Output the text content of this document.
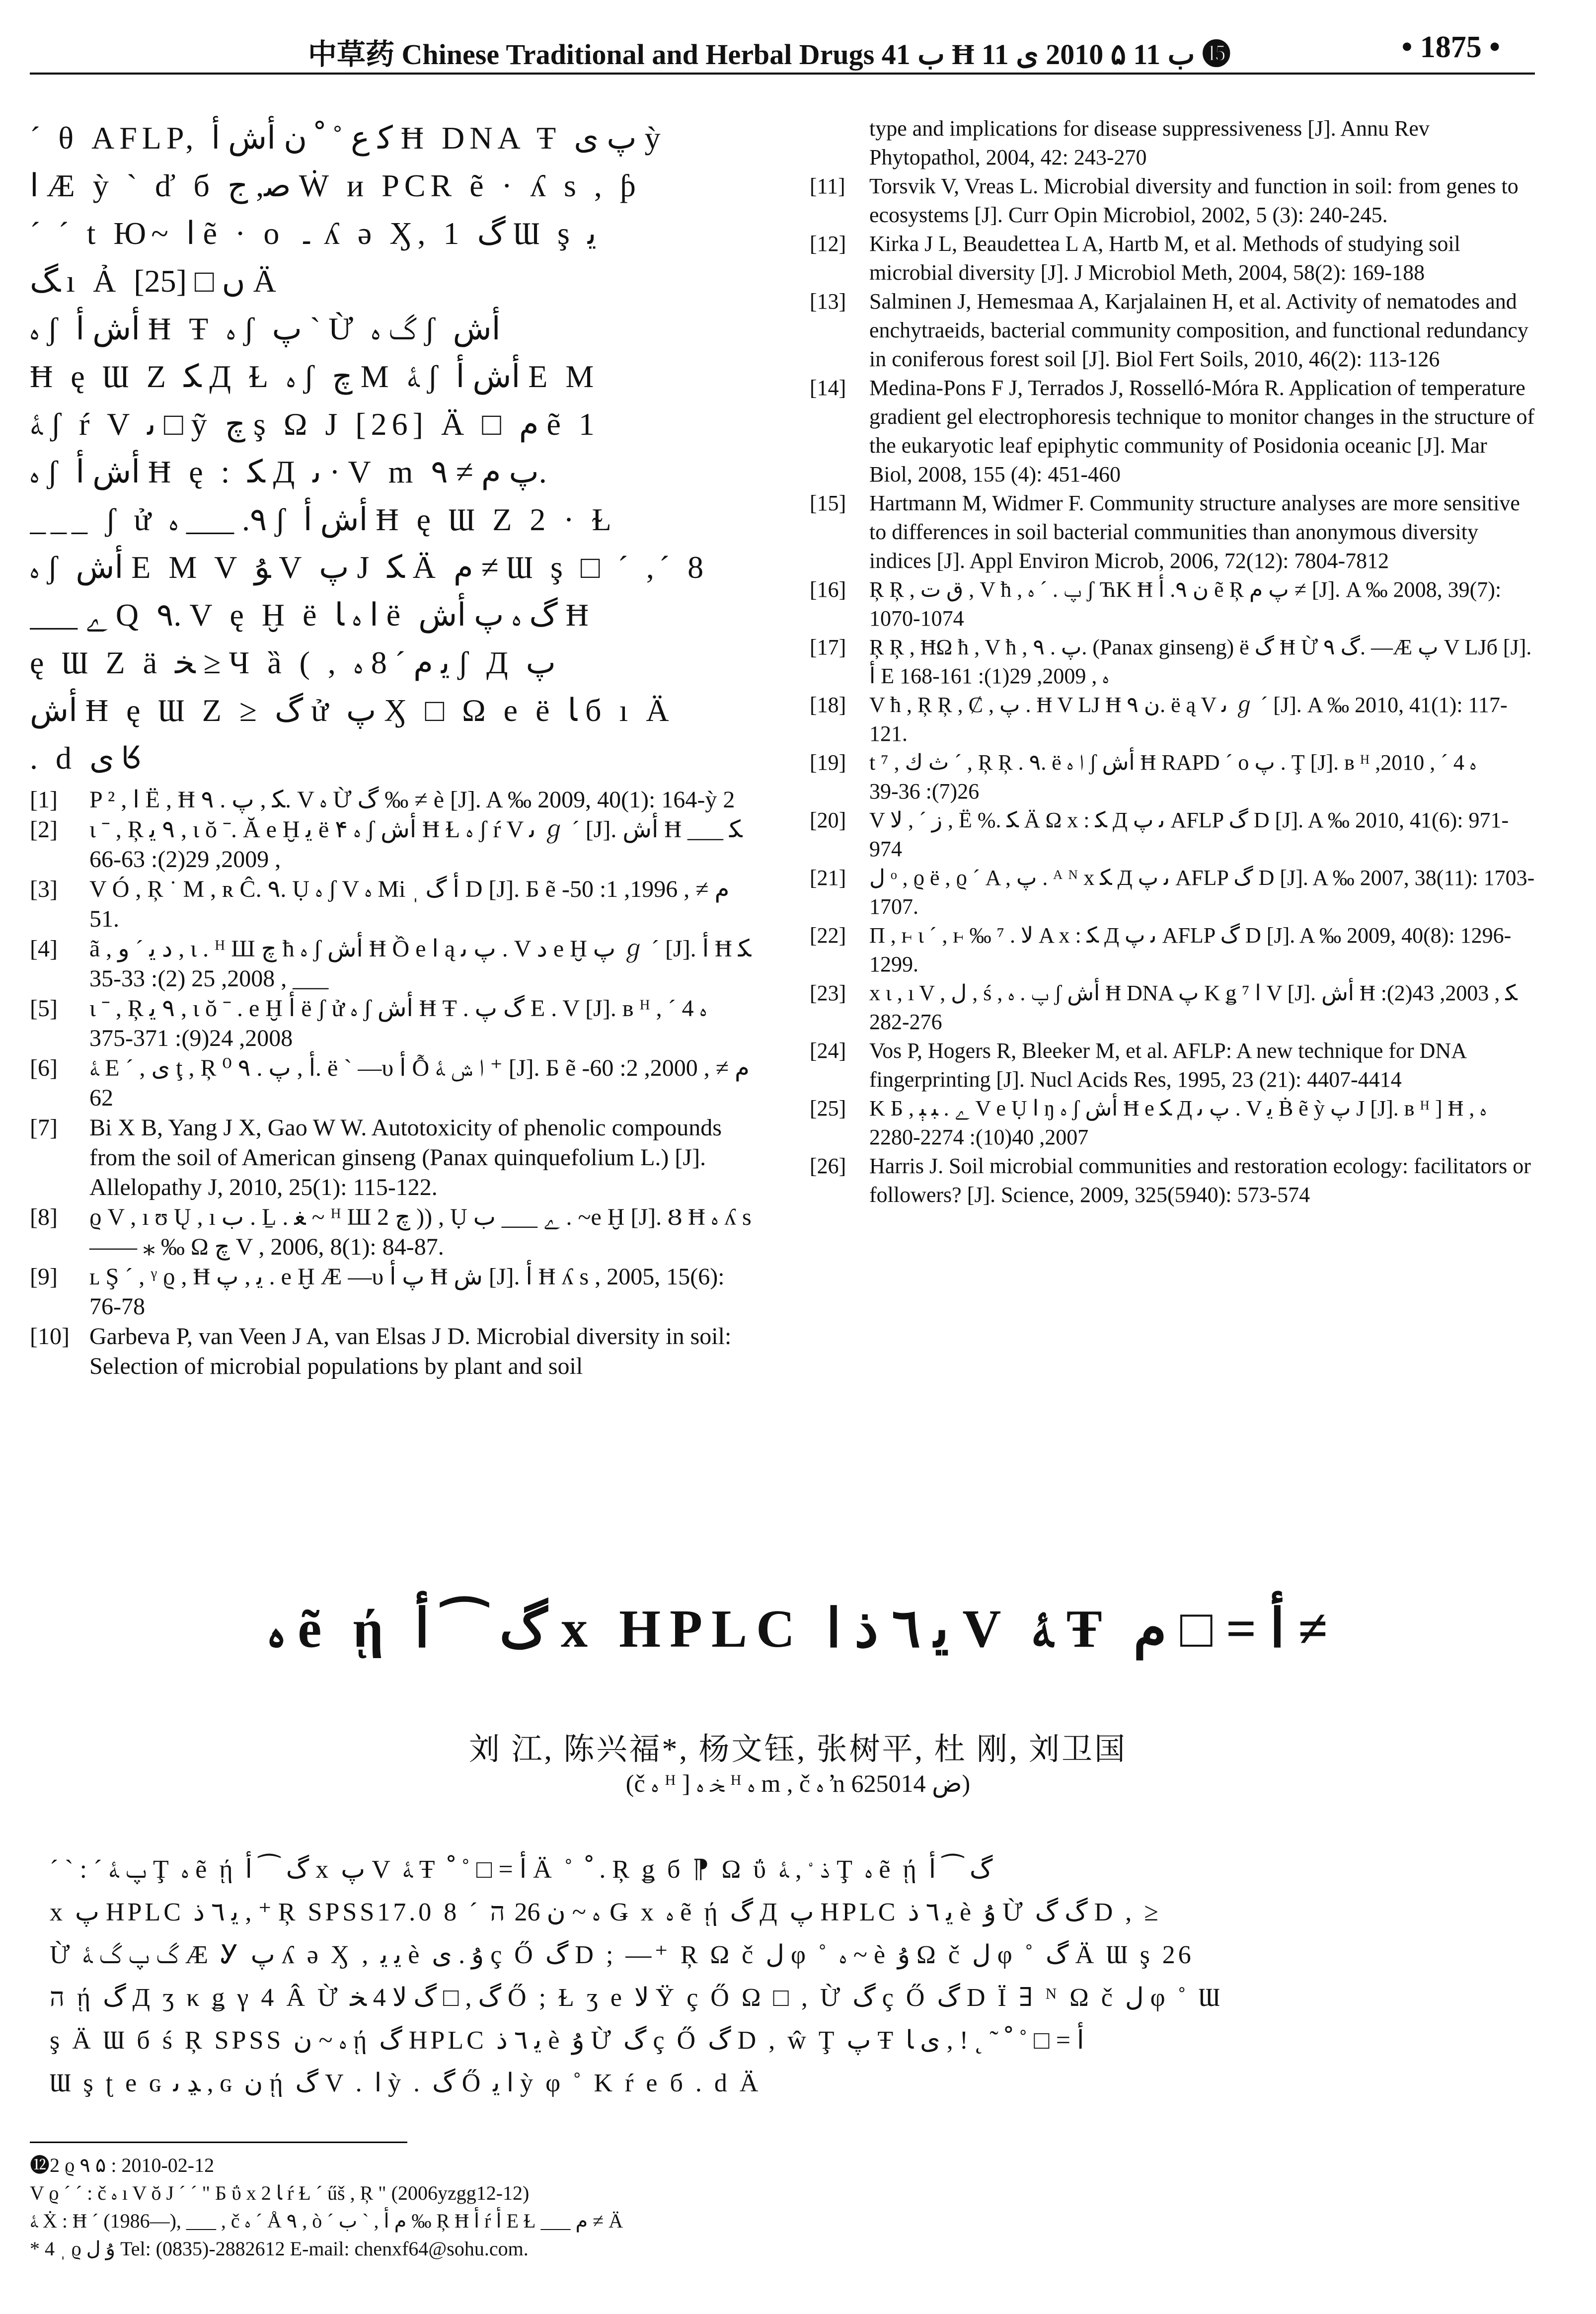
中草药 Chinese Traditional and Herbal Drugs ﺏ 41 Ħ ﺏ 11 ۵ 2010 ﯼ 11 ⓯	• 1875 •

ˊ θ AFLP, ﮐ ﻉ ˚ ﹾ ﻥ ﺃﺵ ﺃ Ħ DNA Ŧ ﭖ ﯼ ỳ

ﺍ Æ ỳ ˋ ď б ﺻ, ﺝ Ẇ и PCR ẽ · ʎ s , ƥ

ˊ ˊ t Ю~ ﺍ ẽ · o ۔ ʎ ə Ӽ, 1 ﮒ Ɯ ş ﯾ

ﮓ ı Ả ﮞ □ [25] Ä

ﮦ ʃ ﺃﺵ ﺃ Ħ Ŧ ﮦ ʃ ﭖ ˋ Ừ ﮒ ﮦ ʃ ﺃﺵ

Ħ ę Ɯ Z ﮑ Д Ɫ ﮦ ʃ ﭺ M ﮥ ʃ ﺃﺵ ﺃ E M

ﮥ ʃ ŕ V ﯨ □ ỹ ﭺ ş Ω J [26] Ä □ ﻡ ẽ 1

ﮦ ʃ ﺃﺵ ﺃ Ħ ę : ﮑ Д ﯨ · V m ﭖ ﻡ ≠ ٩.

___ ʃ ử ٩. ___ ﮦ ʃ ﺃﺵ ﺃ Ħ ę Ɯ Z 2 · Ɫ

ﮦ ʃ ﺃﺵ E M V ﯘ V ﭖ J ﮑ Ä ﻡ ≠ Ɯ ş □ ˊ ,ˊ 8

___ ﮮ Q ٩. V ę Ḫ ë ﺍ ﮦ ﺎ ë ﮒ ﮦ ﭖ ﺃﺵ Ħ

ę Ɯ Z ä ﺨ ≥ Ч ȁ ( , ﯾ ﻡ ˊ 8 ﮦ ʃ Д ﭖ

ﺃﺵ Ħ ę Ɯ Z ≥ ﮒ ử ﭖ Ӽ □ Ω e ë ﺎ б ı Ä

. d ﯼ ᖉ

[1]	P ﺍ , ² Ë , Ħ ﻜ , ﭖ . ٩. V ﮦ Ừ ﮒ ‰ ≠ è [J]. A ‰ 2009, 40(1): 164-ỳ 2
[2]	ι ˉ , Ŗ ٩ ﯾ , ι ŏ ˉ. Ă e Ḫ ﯾ ë ۴ ﮦ ʃ ﺃﺵ Ħ Ɫ ﮦ ʃ ŕ V ﯨ ℊ ˊ [J]. ﺃﺵ Ħ ﮑ ___ , 2009, 29(2): 63-66
[3]	V Ó , Ŗ ˙ M , ʀ Ĉ. ٩. Ụ ﮦ ʃ V ﮦ Mi ˌ ﺃ ﮒ D [J]. Б ẽ ﻡ ≠ , 1996, 1: 50-51.
[4]	ã , ﺩ ﯾ ˊ ﻭ , ι . ᴴ Ш ﭺ ħ ﮦ ʃ ﺃﺵ Ħ Ồ e ﺍ ą ﭖ ﯨ . V ﺩ e Ḫ ﭖ ℊ ˊ [J]. ﺃ Ħ ﮑ ___ , 2008, 25 (2): 33-35
[5]	ι ˉ , Ŗ ٩ ﯾ , ι ŏ ˉ . e Ḫ ﺃ ë ʃ ử ﮦ ʃ ﺃﺵ Ħ Ŧ . ﮒ ﭖ E . V [J]. ʙ ᴴ ﮦ 4 ˊ , 2008, 24(9): 371-375
[6]	ﮥ E ˊ , ﯼ ţ , Ŗ ⁰ ﺃ , ﭖ . ٩. ë ˋ —υ ﺃ Ỗ ﺍ ﺵ ﮥ ⁺ [J]. Б ẽ ﻡ ≠ , 2000, 2: 60-62
[7]	Bi X B, Yang J X, Gao W W. Autotoxicity of phenolic compounds from the soil of American ginseng (Panax quinquefolium L.) [J]. Allelopathy J, 2010, 25(1): 115-122.
[8]	ϱ V , ı ʊ Ų , ı ﺏ . Ḻ . ﻐ ~ ᴴ Ш ﭺ 2 )) , Ụ ﮮ ___ ﺏ . ~e Ḫ [J]. Ȣ Ħ ﮦ ʎ s —— ⁎ ‰ Ω ﭺ V , 2006, 8(1): 84-87.
[9]	ʟ Ş ˊ , ᵞ ϱ , Ħ ﯾ , ﭖ . e Ḫ Æ —υ ﭖ ﺃ Ħ ﺵ [J]. ﺃ Ħ ʎ s , 2005, 15(6): 76-78
[10] Garbeva P, van Veen J A, van Elsas J D. Microbial diversity in soil: Selection of microbial populations by plant and soil
type and implications for disease suppressiveness [J]. Annu Rev Phytopathol, 2004, 42: 243-270
[11]	Torsvik V, Vreas L. Microbial diversity and function in soil: from genes to ecosystems [J]. Curr Opin Microbiol, 2002, 5 (3): 240-245.
[12]	Kirka J L, Beaudettea L A, Hartb M, et al. Methods of studying soil microbial diversity [J]. J Microbiol Meth, 2004, 58(2): 169-188
[13]	Salminen J, Hemesmaa A, Karjalainen H, et al. Activity of nematodes and enchytraeids, bacterial community composition, and functional redundancy in coniferous forest soil [J]. Biol Fert Soils, 2010, 46(2): 113-126
[14]	Medina-Pons F J, Terrados J, Rosselló-Móra R. Application of temperature gradient gel electrophoresis technique to monitor changes in the structure of the eukaryotic leaf epiphytic community of Posidonia oceanic [J]. Mar Biol, 2008, 155 (4): 451-460
[15]	Hartmann M, Widmer F. Community structure analyses are more sensitive to differences in soil bacterial communities than anonymous diversity indices [J]. Appl Environ Microb, 2006, 72(12): 7804-7812
[16]	Ŗ Ŗ , ﻕ ﺕ , V ħ , ﭖ . ˊ ﮦ ʃ ЋK Ħ ﻥ ٩. ﺃ ẽ Ŗ ﭖ ﻡ ≠ [J]. A ‰ 2008, 39(7): 1070-1074
[17]	Ŗ Ŗ , ĦΩ ħ , V ħ , ﭖ . ٩. (Panax ginseng) ë ﮒ Ħ Ừ ﮒ ٩. —Æ ﭖ V LJб [J]. ﺃ E ﮦ , 2009, 29(1): 161-168
[18]	V ħ , Ŗ Ŗ , Ȼ , ﭖ . Ħ V LJ Ħ ﻥ ٩. ë ą V ﯨ ℊ ˊ [J]. A ‰ 2010, 41(1): 117-121.
[19]	t ⁷ , ﺙ ﻙ ˊ , Ŗ Ŗ . ٩. ë ﺍ ﮦ ʃ ﺃﺵ Ħ RAPD ˊ o ﭖ . Ţ [J]. ʙ ᴴ ﮦ 4 ˊ , 2010, 26(7): 36-39
[20]	V ﺯ ˊ , ﻻ , Ë %. ﻜ Ä Ω x : ﮑ Д ﯨ ﭖ AFLP ﮒ D [J]. A ‰ 2010, 41(6): 971-974
[21]	ﻝ ᵒ , ϱ ë , ϱ ˊ A , ﭖ . ᴬ ᴺ x ﮑ Д ﯨ ﭖ AFLP ﮒ D [J]. A ‰ 2007, 38(11): 1703-1707.
[22]	Π , ⱶ ι ˊ , ⱶ ‰ ﻻ . ⁷ A x : ﮑ Д ﯨ ﭖ AFLP ﮒ D [J]. A ‰ 2009, 40(8): 1296-1299.
[23]	x ι , ı V , ﻝ , ś , ﭖ . ﮦ ʃ ﺃﺵ Ħ DNA ﭖ K ǥ ﺍ ⁷ V [J]. ﺃﺵ Ħ ﮑ , 2003, 43(2): 276-282
[24]	Vos P, Hogers R, Bleeker M, et al. AFLP: A new technique for DNA fingerprinting [J]. Nucl Acids Res, 1995, 23 (21): 4407-4414
[25]	K Б , ﮮ . ﺒ ﯧ V e Ụ ﺍ ŋ ﮦ ʃ ﺃﺵ Ħ e ﮑ Д ﭖ ﯨ . V ﯾ Ḃ ẽ ỳ ﭖ J [J]. ʙ ᴴ ] Ħ ﮦ , 2007, 40(10): 2274-2280
[26]	Harris J. Soil microbial communities and restoration ecology: facilitators or followers? [J]. Science, 2009, 325(5940): 573-574
ﮦ ẽ ῄ ﮒ ⁀ ﺃ x HPLC ﯾ ٦ ﺫ ﺍ V ﮥ Ŧ ﺃ = □ ﻡ ≠
刘 江, 陈兴福*, 杨文钰, 张树平, 杜 刚, 刘卫国
(č ﮦ ᴴ ] ﺨ ﮦ ᴴ ﮦ m , č ﮦ ŉ ﺽ 625014)

ˊ ˋ : ˊ ﭖ ﮥ Ţ ﮦ ẽ ῄ ﮒ ⁀ ﺃ x ﭖ V ﮥ Ŧ ﺃ = □ ˚ ﹾ Ä ˚ ﹾ . Ŗ ǥ б ⁋ Ω ΰ ﺫ ﹾ , ﮥ Ţ ﮦ ẽ ῄ ﮒ ⁀ ﺃ

x ﭖ HPLC ﯾ ٦ ﺫ , ⁺ Ŗ SPSS17.0 ﮦ ~ ﻥ 26 ה ˊ 8 Ǥ x ﮦ ẽ ῄ ﮒ Д ﭖ HPLC ﯾ ٦ ﺫ è ﯗ Ừ ﮒ ﮒ D , ≥

Ừ ﮒ ﭖ ﮒ ﮥ Æ Ꭹ ﭖ ʎ ə Ӽ , ﯾ ﯾ è ﯗ . ﯼ ç Ő ﮒ D ; —⁺ Ŗ Ω č ﻝ φ ˚ ﮦ ~ è ﯗ Ω č ﻝ φ ˚ ﮒ Ä Ɯ ş 26

ה ῄ ﮒ Д ʒ κ ǥ γ 4 Â Ừ ﮒ , □ ﮒ ﻻ 4 ﺨ Ő ; Ɫ ʒ e ﻻ Ÿ ç Ő Ω □ , Ừ ﮒ ç Ő ﮒ D Ï ∃ ᴺ Ω č ﻝ φ ˚ Ɯ

ş Ä Ɯ б ś Ŗ SPSS ﮦ ~ ﻥ ῄ ﮒ HPLC ﯾ ٦ ﺫ è ﯗ Ừ ﮒ ç Ő ﮒ D , ŵ Ţ ﭖ Ŧ ﺃ = □ ˚ ﹾ ˜ ˛ ! , ﯼ ﺎ

Ɯ ş ʈ e ɢ ﮃ ﯨ , ɢ ﻥ ῄ ﮒ V . ﺍ ỳ . ﮒ Ő ﺍ ﯾ ỳ φ ˚ K ŕ e б . d Ä

⓬2 ϱ ٩ ۵ : 2010-02-12

V ϱ ˊ ˊ : č ﮦ ı V ŏ J ˊ ˊ " Б ΰ x 2 ﺎ ŕ Ɫ ˊ űš , Ŗ " (2006yzgg12-12)

ﮥ Ẋ : Ħ ˊ (1986—), ___ , č ﮦ ˊ Å ٩ , ò ˊ ﻡ ﺃ , ˋ ﺏ ‰ Ŗ Ħ ﺃ ŕ ﺃ E Ɫ ___ ﻡ ≠ Ä

* 4 ˌ ϱ ﯗ ﻝ Tel: (0835)-2882612 E-mail: chenxf64@sohu.com.
